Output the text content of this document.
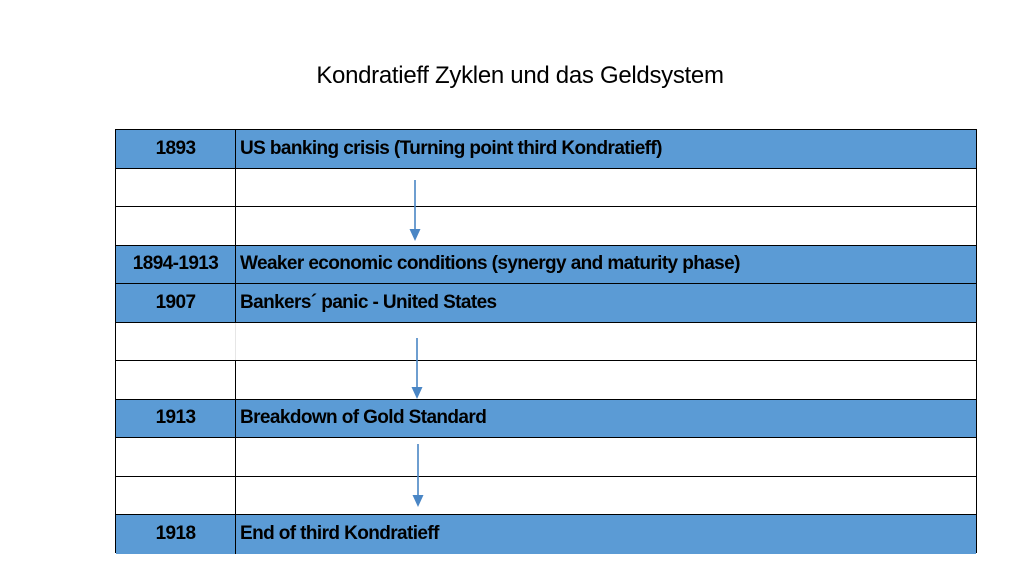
Kondratieff Zyklen und das Geldsystem
1893	US banking crisis (Turning point third Kondratieff)
1894-1913	Weaker economic conditions (synergy and maturity phase)
1907	Bankers´ panic - United States
1913	Breakdown of Gold Standard
1918	End of third Kondratieff
